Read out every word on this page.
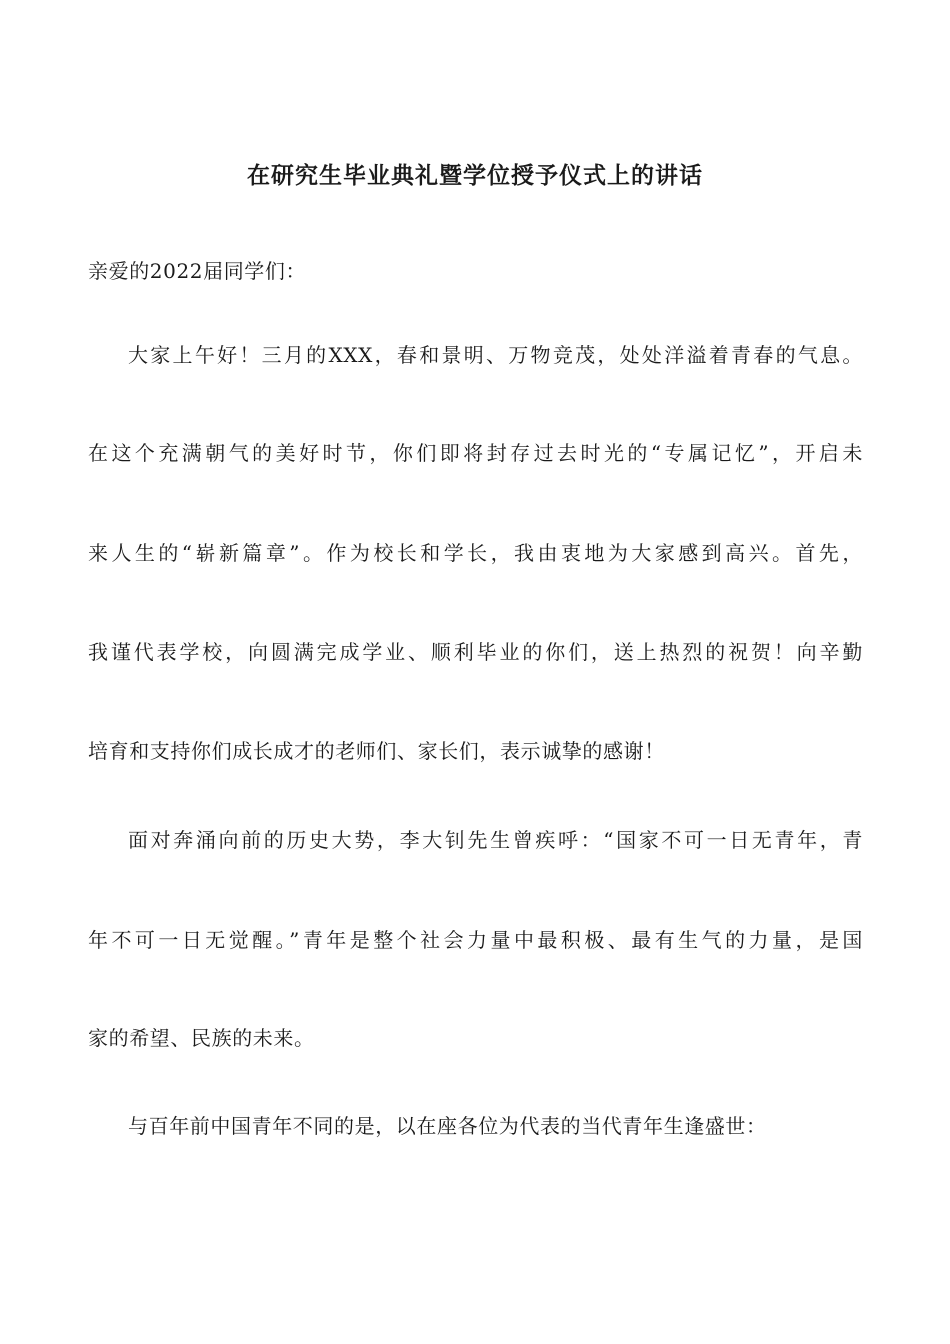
在研究生毕业典礼暨学位授予仪式上的讲话
亲爱的2022届同学们：
大家上午好！三月的XXX，春和景明、万物竞茂，处处洋溢着青春的气息。
在这个充满朝气的美好时节，你们即将封存过去时光的“专属记忆”，开启未
来人生的“崭新篇章”。作为校长和学长，我由衷地为大家感到高兴。首先，
我谨代表学校，向圆满完成学业、顺利毕业的你们，送上热烈的祝贺！向辛勤
培育和支持你们成长成才的老师们、家长们，表示诚挚的感谢！
面对奔涌向前的历史大势，李大钊先生曾疾呼：“国家不可一日无青年，青
年不可一日无觉醒。”青年是整个社会力量中最积极、最有生气的力量，是国
家的希望、民族的未来。
与百年前中国青年不同的是，以在座各位为代表的当代青年生逢盛世：
